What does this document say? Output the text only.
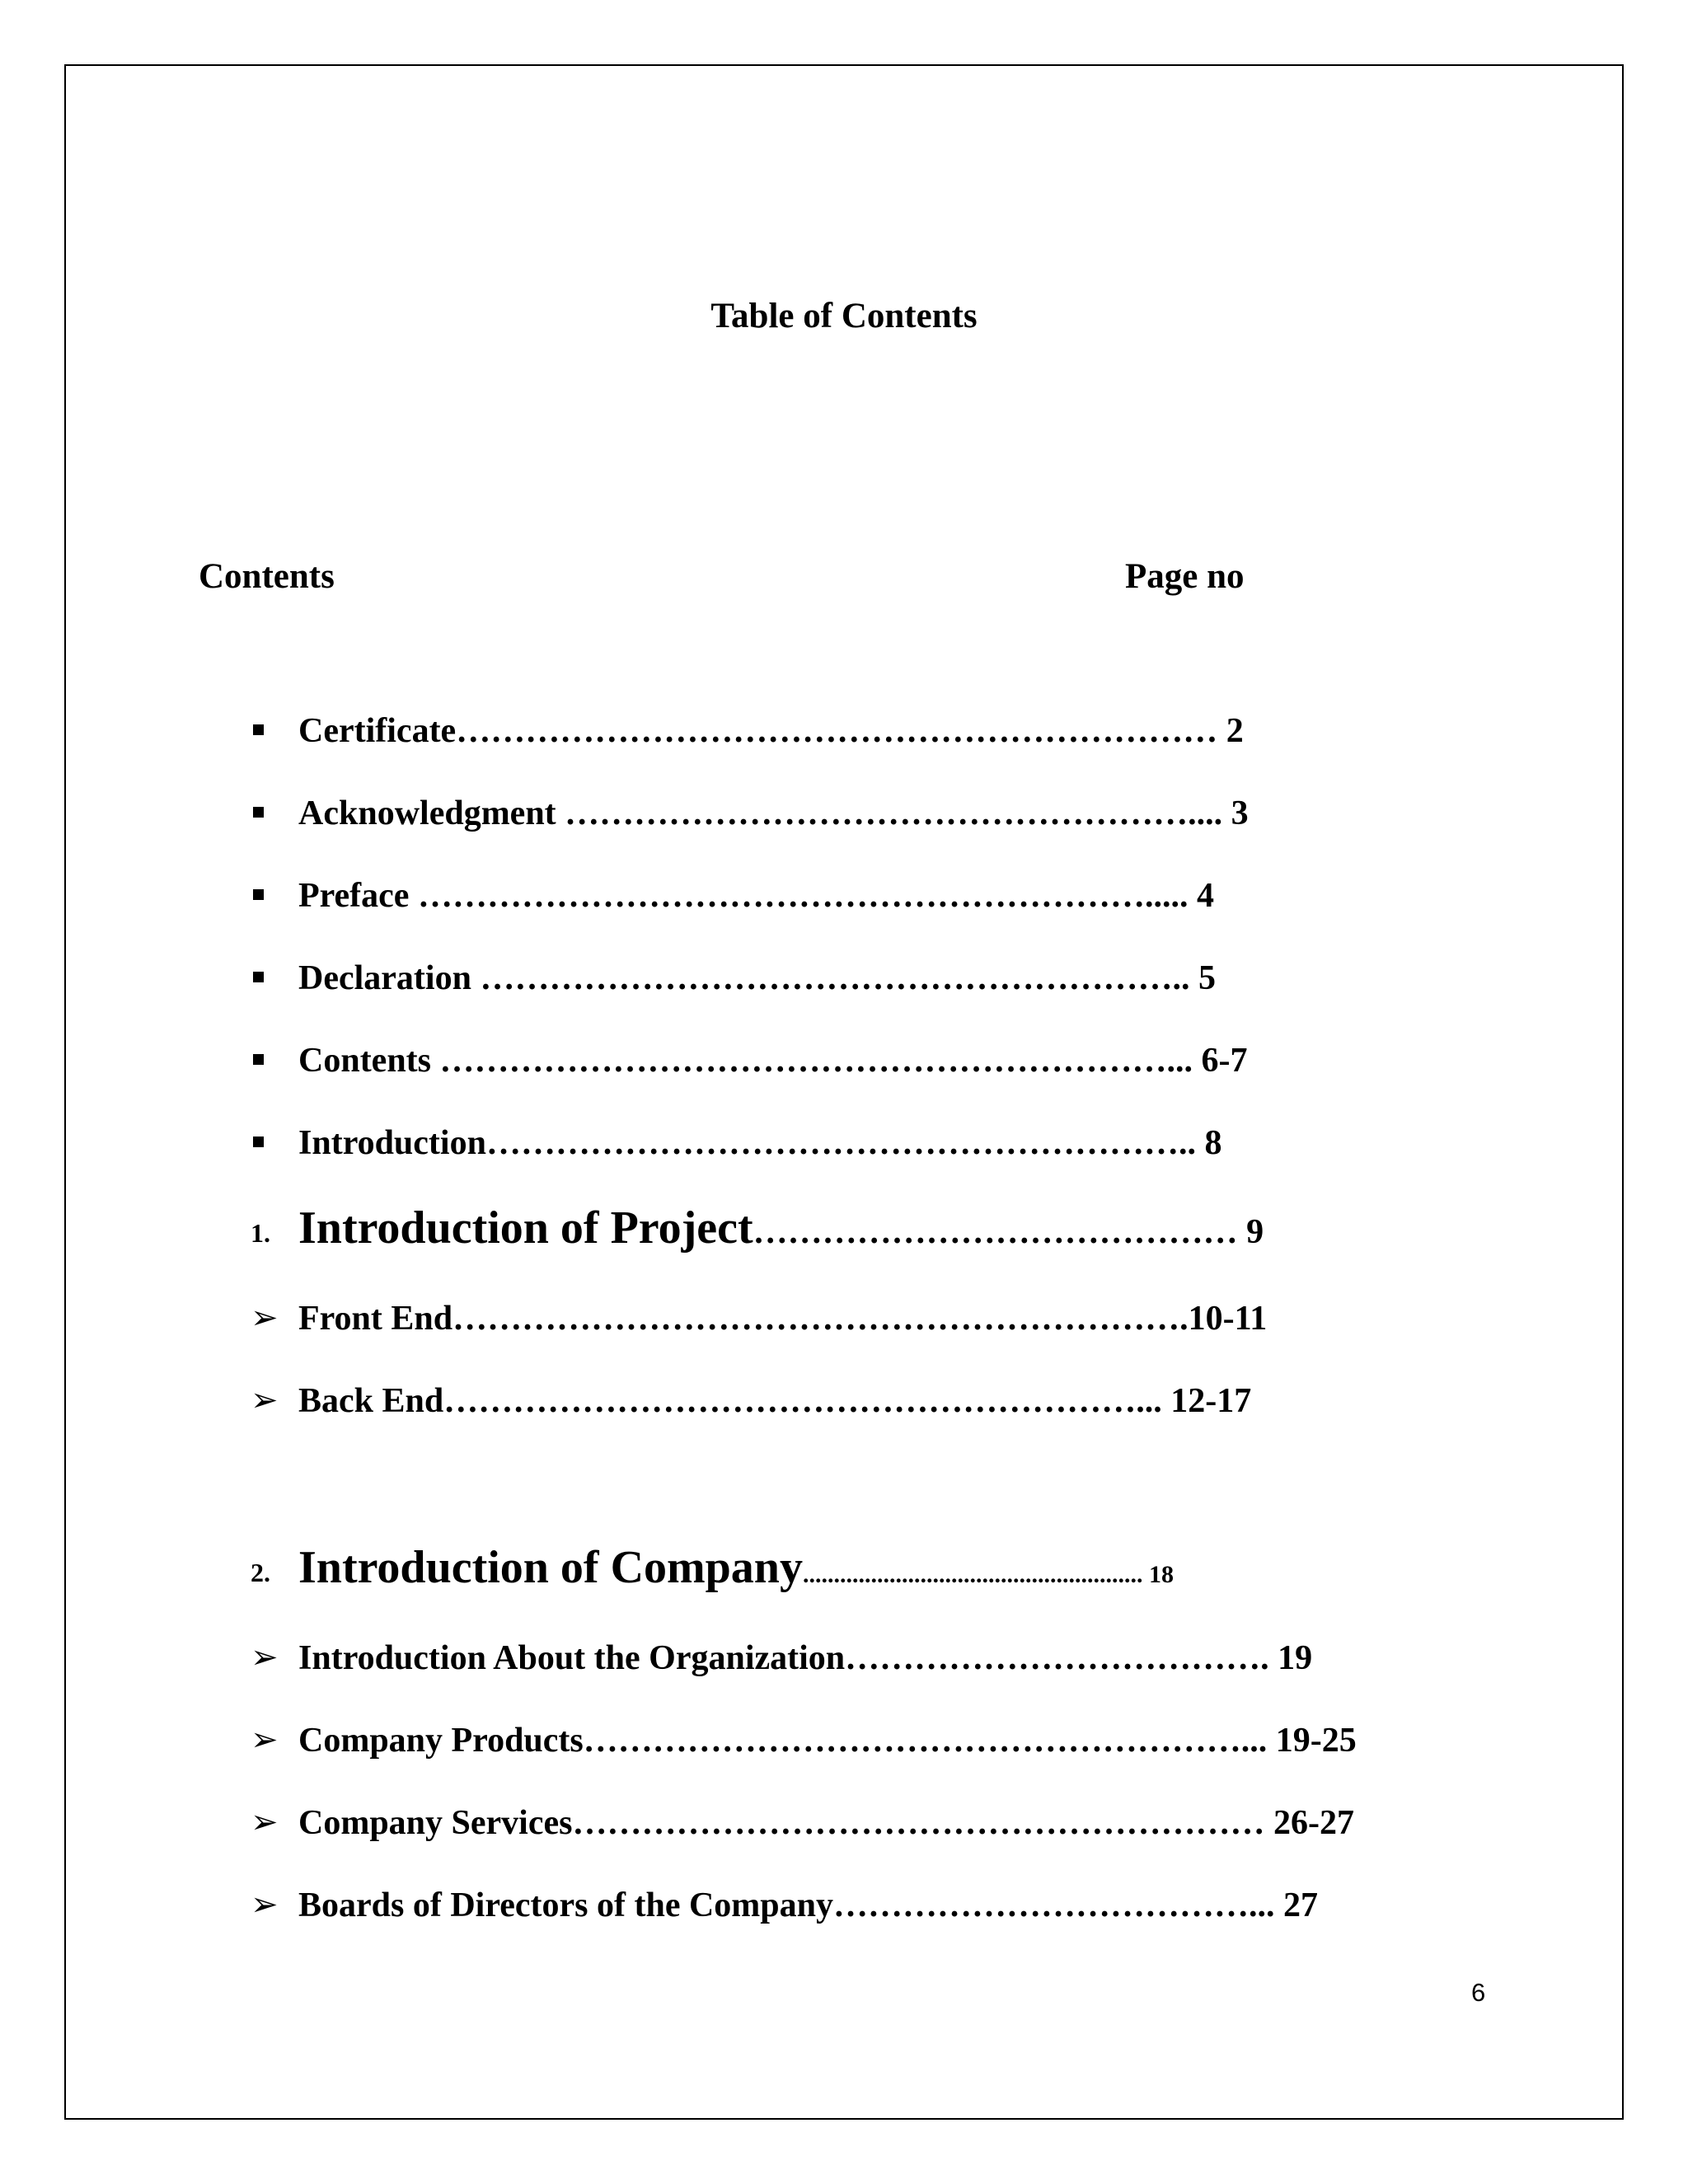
Table of Contents
Contents	Page no
Certificate………………………………………………………… 2
Acknowledgment ……………………………………………….... 3
Preface ………………………………………………………..... 4
Declaration …………………………………………………….. 5
Contents ………………………………………………………... 6-7
Introduction…………………………………………………….. 8
1. Introduction of Project…………………………………… 9
➢ Front End……………………………………………………….10-11
➢ Back End……………………………………………………... 12-17
2. Introduction of Company....................................................... 18
➢ Introduction About the Organization………………………………. 19
➢ Company Products…………………………………………………... 19-25
➢ Company Services…………………………………………………… 26-27
➢ Boards of Directors of the Company………………………………... 27
6
